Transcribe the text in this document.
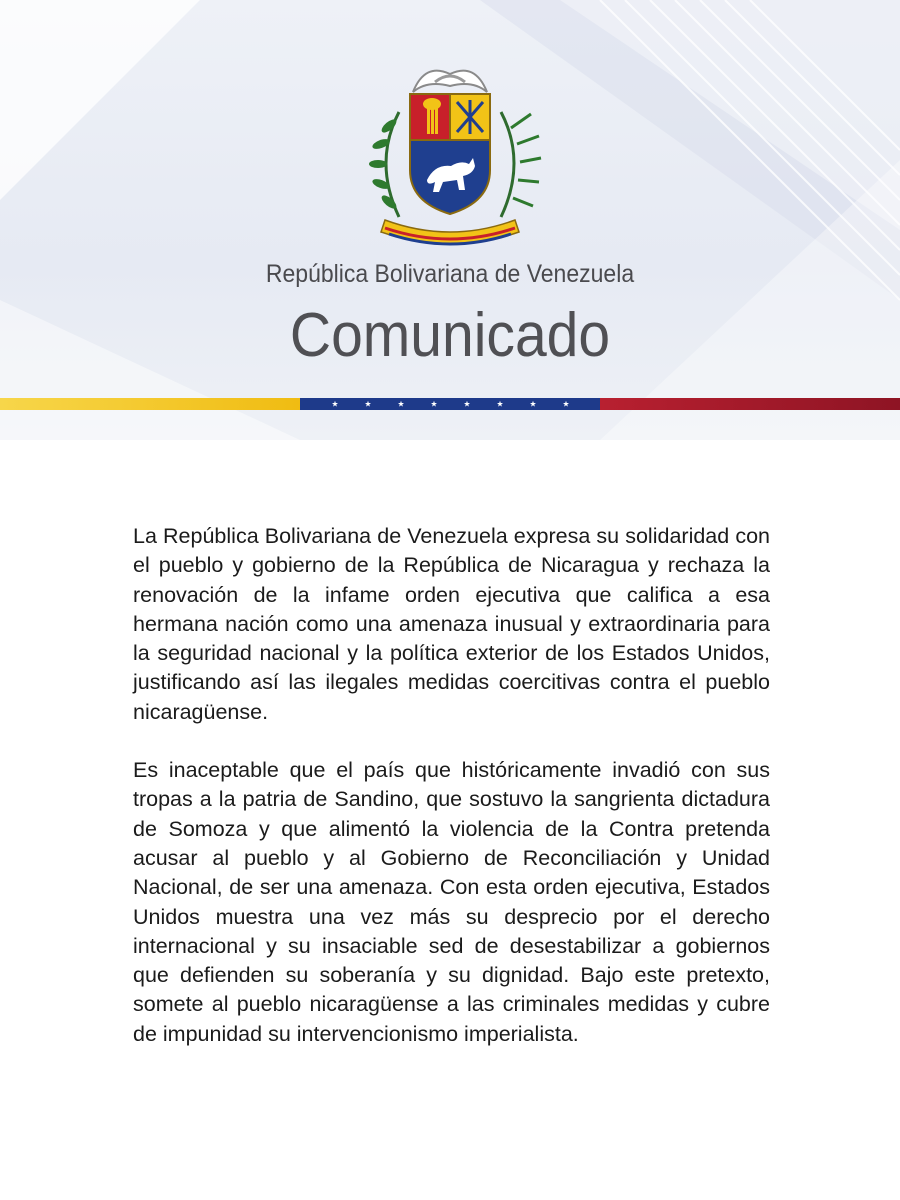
República Bolivariana de Venezuela
Comunicado

La República Bolivariana de Venezuela expresa su solidaridad con el pueblo y gobierno de la República de Nicaragua y rechaza la renovación de la infame orden ejecutiva que califica a esa hermana nación como una amenaza inusual y extraordinaria para la seguridad nacional y la política exterior de los Estados Unidos, justificando así las ilegales medidas coercitivas contra el pueblo nicaragüense.

Es inaceptable que el país que históricamente invadió con sus tropas a la patria de Sandino, que sostuvo la sangrienta dictadura de Somoza y que alimentó la violencia de la Contra pretenda acusar al pueblo y al Gobierno de Reconciliación y Unidad Nacional, de ser una amenaza. Con esta orden ejecutiva, Estados Unidos muestra una vez más su desprecio por el derecho internacional y su insaciable sed de desestabilizar a gobiernos que defienden su soberanía y su dignidad. Bajo este pretexto, somete al pueblo nicaragüense a las criminales medidas y cubre de impunidad su intervencionismo imperialista.
